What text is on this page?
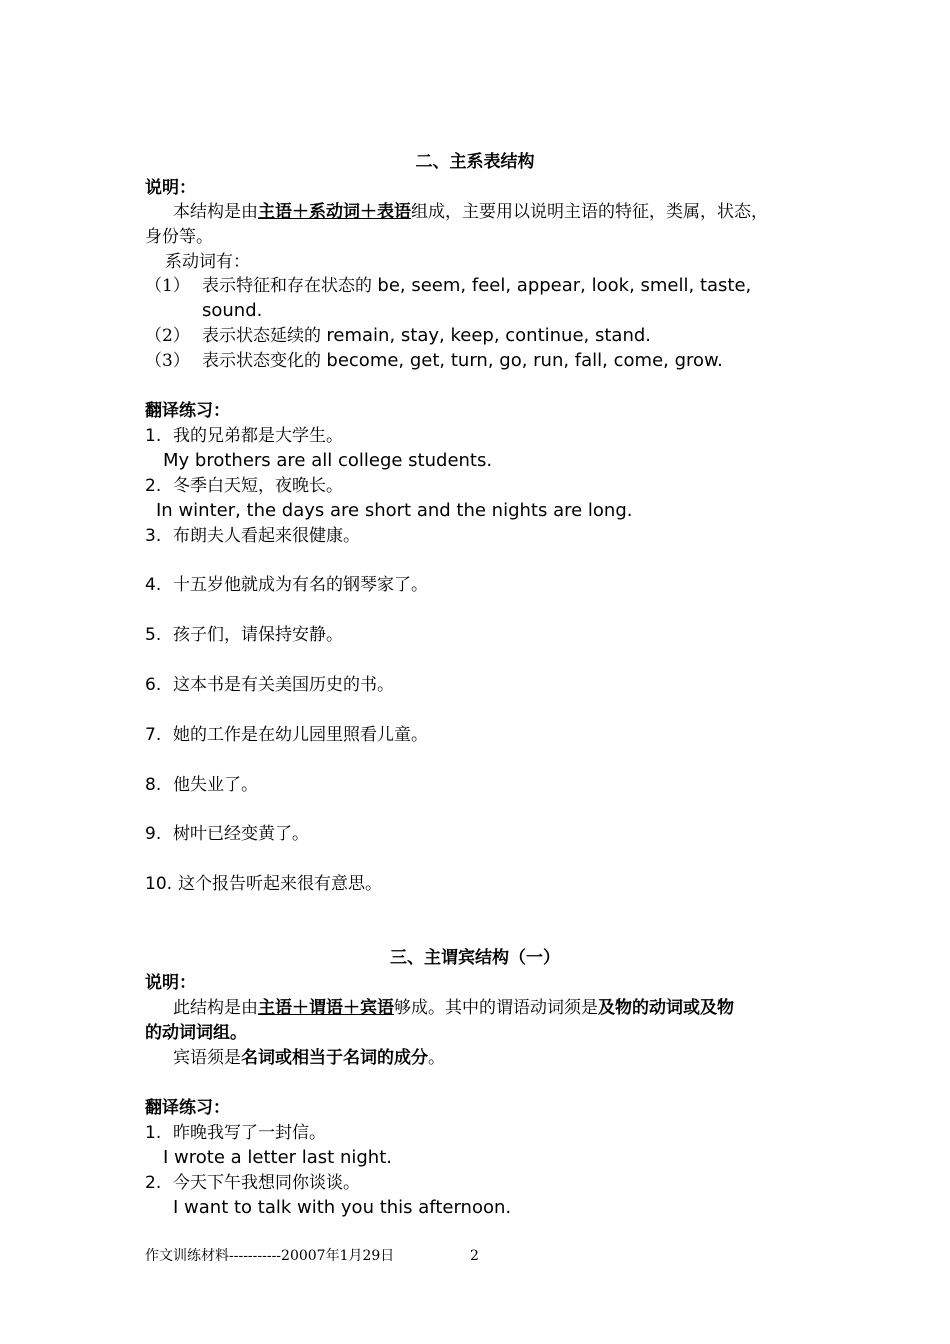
二、主系表结构
说明：
本结构是由主语＋系动词＋表语组成，主要用以说明主语的特征，类属，状态，
身份等。
系动词有：
（1） 表示特征和存在状态的 be, seem, feel, appear, look, smell, taste,
sound.
（2） 表示状态延续的 remain, stay, keep, continue, stand.
（3） 表示状态变化的 become, get, turn, go, run, fall, come, grow.
翻译练习：
1. 我的兄弟都是大学生。
My brothers are all college students.
2. 冬季白天短，夜晚长。
In winter, the days are short and the nights are long.
3. 布朗夫人看起来很健康。
4. 十五岁他就成为有名的钢琴家了。
5. 孩子们，请保持安静。
6. 这本书是有关美国历史的书。
7. 她的工作是在幼儿园里照看儿童。
8. 他失业了。
9. 树叶已经变黄了。
10. 这个报告听起来很有意思。
三、主谓宾结构（一）
说明：
此结构是由主语＋谓语＋宾语够成。其中的谓语动词须是及物的动词或及物
的动词词组。
宾语须是名词或相当于名词的成分。
翻译练习：
1. 昨晚我写了一封信。
I wrote a letter last night.
2. 今天下午我想同你谈谈。
I want to talk with you this afternoon.
作文训练材料-----------20007年1月29日	2
